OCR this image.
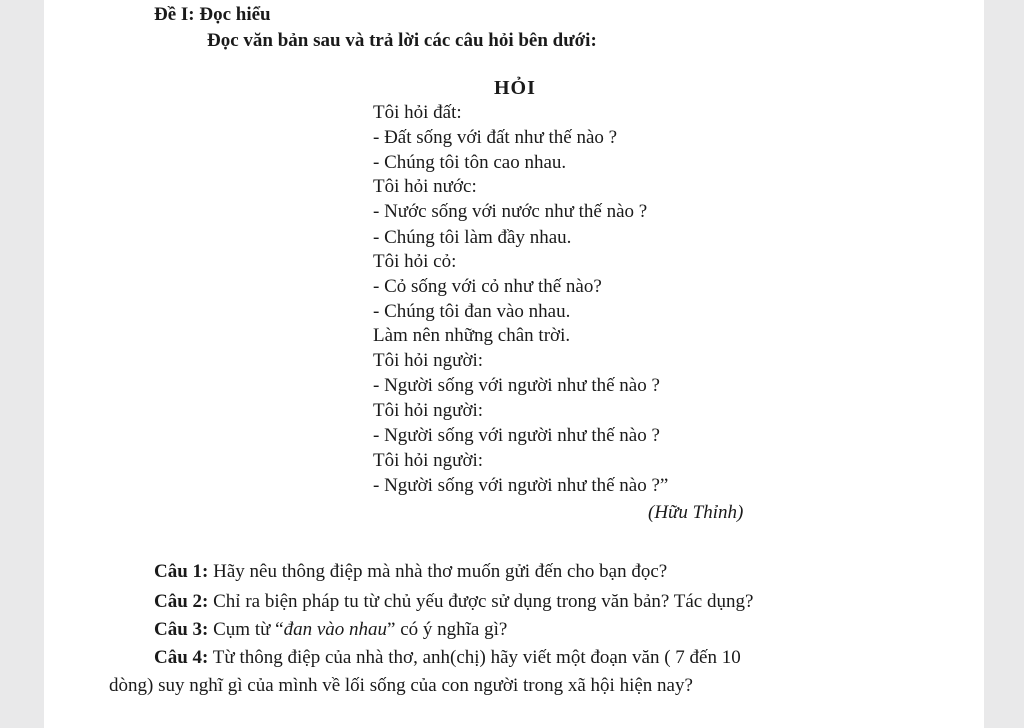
Đề I: Đọc hiểu
Đọc văn bản sau và trả lời các câu hỏi bên dưới:
HỎI
Tôi hỏi đất:
- Đất sống với đất như thế nào ?
- Chúng tôi tôn cao nhau.
Tôi hỏi nước:
- Nước sống với nước như thế nào ?
- Chúng tôi làm đầy nhau.
Tôi hỏi cỏ:
- Cỏ sống với cỏ như thế nào?
- Chúng tôi đan vào nhau.
Làm nên những chân trời.
Tôi hỏi người:
- Người sống với người như thế nào ?
Tôi hỏi người:
- Người sống với người như thế nào ?
Tôi hỏi người:
- Người sống với người như thế nào ?”
(Hữu Thỉnh)
Câu 1: Hãy nêu thông điệp mà nhà thơ muốn gửi đến cho bạn đọc?
Câu 2: Chỉ ra biện pháp tu từ chủ yếu được sử dụng trong văn bản? Tác dụng?
Câu 3: Cụm từ “đan vào nhau” có ý nghĩa gì?
Câu 4: Từ thông điệp của nhà thơ, anh(chị) hãy viết một đoạn văn ( 7 đến 10
dòng) suy nghĩ gì của mình về lối sống của con người trong xã hội hiện nay?
